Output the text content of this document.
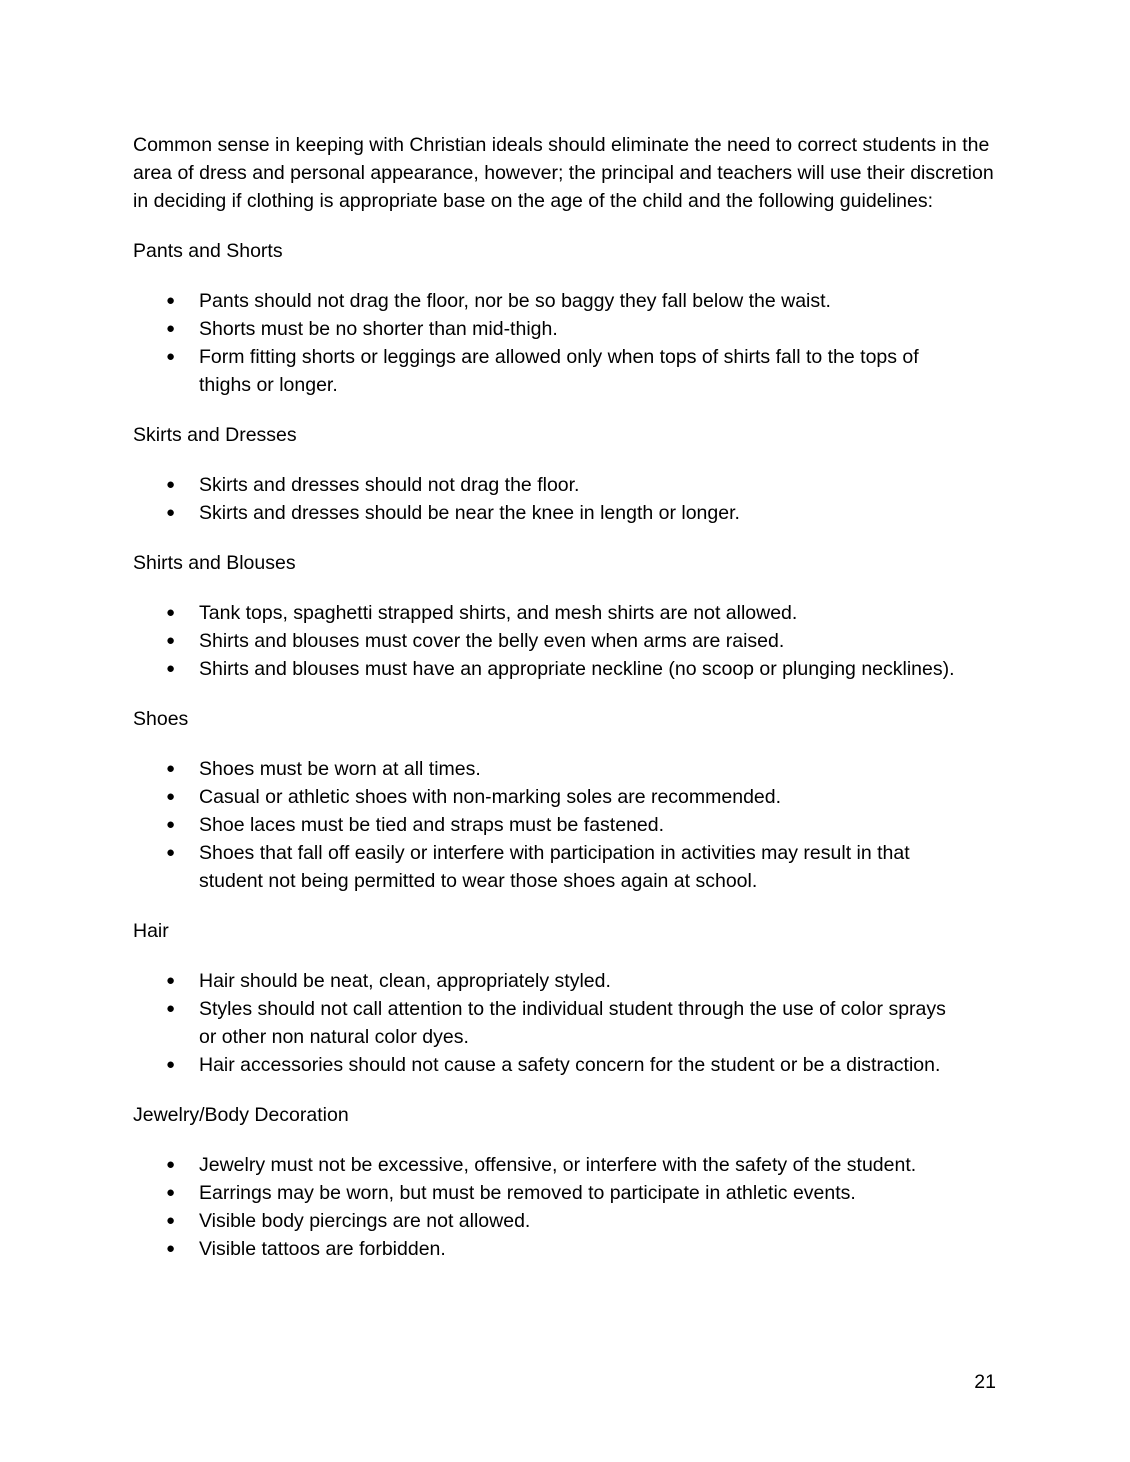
Common sense in keeping with Christian ideals should eliminate the need to correct students in the area of dress and personal appearance, however; the principal and teachers will use their discretion in deciding if clothing is appropriate base on the age of the child and the following guidelines:

Pants and Shorts

● Pants should not drag the floor, nor be so baggy they fall below the waist.
● Shorts must be no shorter than mid-thigh.
● Form fitting shorts or leggings are allowed only when tops of shirts fall to the tops of thighs or longer.

Skirts and Dresses

● Skirts and dresses should not drag the floor.
● Skirts and dresses should be near the knee in length or longer.

Shirts and Blouses

● Tank tops, spaghetti strapped shirts, and mesh shirts are not allowed.
● Shirts and blouses must cover the belly even when arms are raised.
● Shirts and blouses must have an appropriate neckline (no scoop or plunging necklines).

Shoes

● Shoes must be worn at all times.
● Casual or athletic shoes with non-marking soles are recommended.
● Shoe laces must be tied and straps must be fastened.
● Shoes that fall off easily or interfere with participation in activities may result in that student not being permitted to wear those shoes again at school.

Hair

● Hair should be neat, clean, appropriately styled.
● Styles should not call attention to the individual student through the use of color sprays or other non natural color dyes.
● Hair accessories should not cause a safety concern for the student or be a distraction.

Jewelry/Body Decoration

● Jewelry must not be excessive, offensive, or interfere with the safety of the student.
● Earrings may be worn, but must be removed to participate in athletic events.
● Visible body piercings are not allowed.
● Visible tattoos are forbidden.
21
